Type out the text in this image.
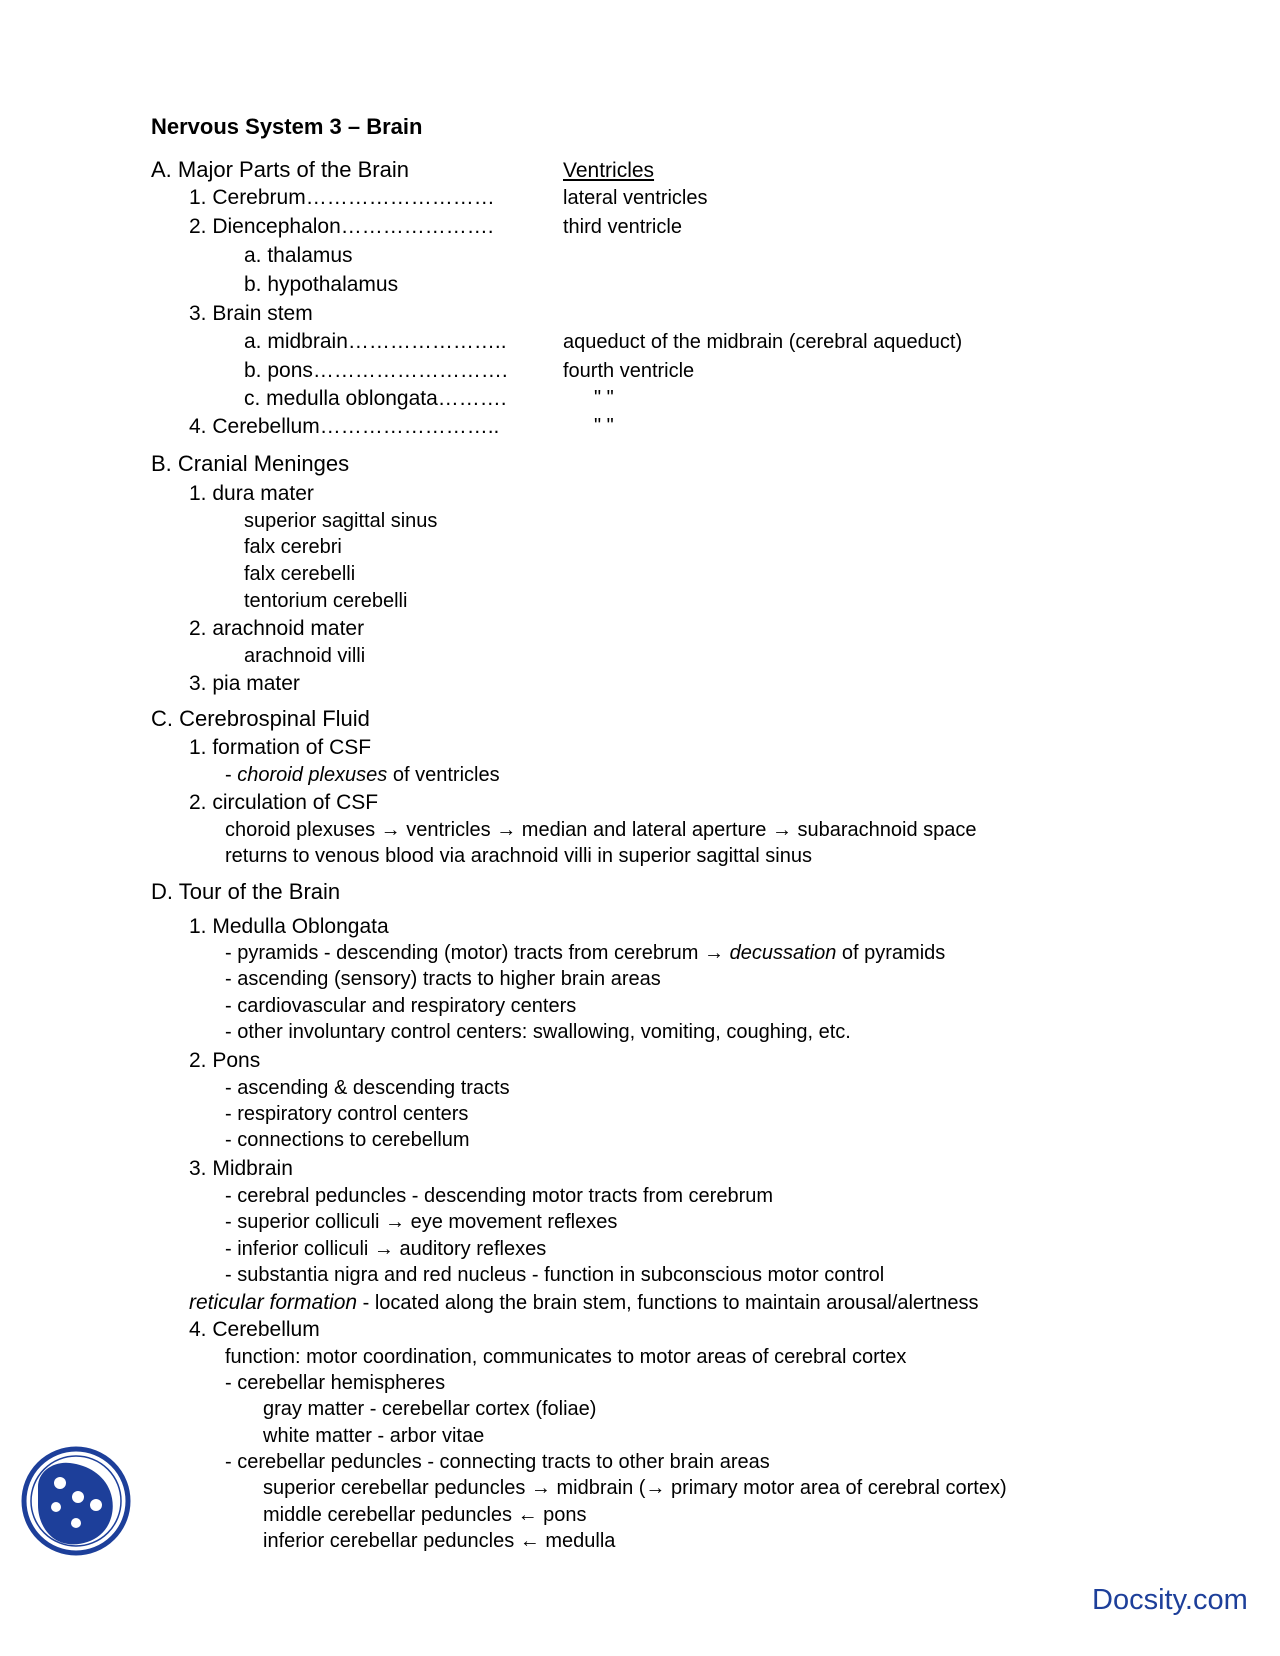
Nervous System 3 – Brain
A. Major Parts of the Brain	Ventricles
1. Cerebrum………………………	lateral ventricles
2. Diencephalon………………….	third ventricle
a. thalamus
b. hypothalamus
3. Brain stem
a. midbrain…………………..	aqueduct of the midbrain (cerebral aqueduct)
b. pons……………………….	fourth ventricle
c. medulla oblongata……….	" "
4. Cerebellum……………………..	" "
B. Cranial Meninges
1. dura mater
superior sagittal sinus
falx cerebri
falx cerebelli
tentorium cerebelli
2. arachnoid mater
arachnoid villi
3. pia mater
C. Cerebrospinal Fluid
1. formation of CSF
- choroid plexuses of ventricles
2. circulation of CSF
choroid plexuses → ventricles → median and lateral aperture → subarachnoid space
returns to venous blood via arachnoid villi in superior sagittal sinus
D. Tour of the Brain
1. Medulla Oblongata
- pyramids - descending (motor) tracts from cerebrum → decussation of pyramids
- ascending (sensory) tracts to higher brain areas
- cardiovascular and respiratory centers
- other involuntary control centers: swallowing, vomiting, coughing, etc.
2. Pons
- ascending & descending tracts
- respiratory control centers
- connections to cerebellum
3. Midbrain
- cerebral peduncles - descending motor tracts from cerebrum
- superior colliculi → eye movement reflexes
- inferior colliculi → auditory reflexes
- substantia nigra and red nucleus - function in subconscious motor control
reticular formation - located along the brain stem, functions to maintain arousal/alertness
4. Cerebellum
function: motor coordination, communicates to motor areas of cerebral cortex
- cerebellar hemispheres
gray matter - cerebellar cortex (foliae)
white matter - arbor vitae
- cerebellar peduncles - connecting tracts to other brain areas
superior cerebellar peduncles → midbrain (→ primary motor area of cerebral cortex)
middle cerebellar peduncles ← pons
inferior cerebellar peduncles ← medulla
Docsity.com
